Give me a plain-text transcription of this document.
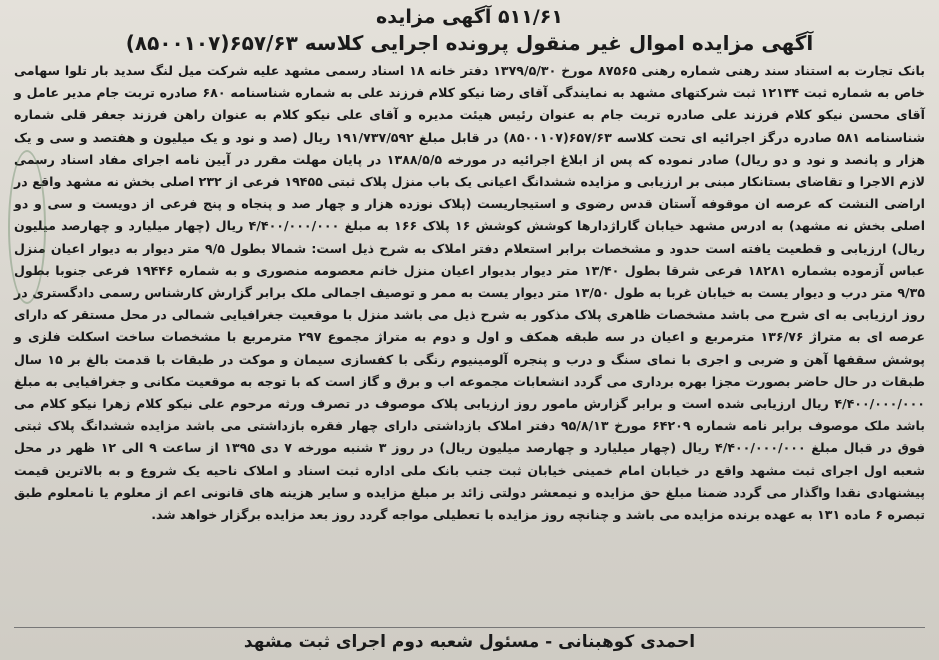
۵۱۱/۶۱ آگهی مزایده
آگهی مزایده اموال غیر منقول پرونده اجرایی کلاسه ۶۵۷/۶۳(۸۵۰۰۱۰۷)

بانک تجارت به استناد سند رهنی شماره رهنی ۸۷۵۶۵ مورخ ۱۳۷۹/۵/۳۰ دفتر خانه ۱۸ اسناد رسمی مشهد علیه شرکت میل لنگ سدید بار تلوا سهامی خاص به شماره ثبت ۱۲۱۳۴ ثبت شرکتهای مشهد به نمایندگی آقای رضا نیکو کلام فرزند علی به شماره شناسنامه ۶۸۰ صادره تربت جام مدیر عامل و آقای محسن نیکو کلام فرزند علی صادره تربت جام به عنوان رئیس هیئت مدیره و آقای علی نیکو کلام به عنوان راهن فرزند جعفر قلی شماره شناسنامه ۵۸۱ صادره درگز اجرائیه ای تحت کلاسه ۶۵۷/۶۳(۸۵۰۰۱۰۷) در قابل مبلغ ۱۹۱/۷۳۷/۵۹۲ ریال (صد و نود و یک میلیون و هفتصد و سی و یک هزار و پانصد و نود و دو ریال) صادر نموده که پس از ابلاغ اجرائیه در مورخه ۱۳۸۸/۵/۵ در پایان مهلت مقرر در آیین نامه اجرای مفاد اسناد رسمی لازم الاجرا و تقاضای بستانکار مبنی بر ارزیابی و مزایده ششدانگ اعیانی یک باب منزل پلاک ثبتی ۱۹۴۵۵ فرعی از ۲۳۲ اصلی بخش نه مشهد واقع در اراضی النشت که عرصه ان موقوفه آستان قدس رضوی و استیجاریست (پلاک نوزده هزار و چهار صد و پنجاه و پنج فرعی از دویست و سی و دو اصلی بخش نه مشهد) به ادرس مشهد خیابان گاراژدارها کوشش کوشش ۱۶ پلاک ۱۶۶ به مبلغ ۴/۴۰۰/۰۰۰/۰۰۰ ریال (چهار میلیارد و چهارصد میلیون ریال) ارزیابی و قطعیت یافته است حدود و مشخصات برابر استعلام دفتر املاک به شرح ذیل است: شمالا بطول ۹/۵ متر دیوار به دیوار اعیان منزل عباس آزموده بشماره ۱۸۲۸۱ فرعی شرقا بطول ۱۳/۴۰ متر دیوار بدیوار اعیان منزل خانم معصومه منصوری و به شماره ۱۹۴۴۶ فرعی جنوبا بطول ۹/۳۵ متر درب و دیوار یست به خیابان غربا به طول ۱۳/۵۰ متر دیوار یست به ممر و توصیف اجمالی ملک برابر گزارش کارشناس رسمی دادگستری در روز ارزیابی به ای شرح می باشد مشخصات ظاهری پلاک مذکور به شرح ذیل می باشد منزل با موقعیت جغرافیایی شمالی در محل مستقر که دارای عرصه ای به متراژ ۱۳۶/۷۶ مترمربع و اعیان در سه طبقه همکف و اول و دوم به متراژ مجموع ۲۹۷ مترمربع با مشخصات ساخت اسکلت فلزی و پوشش سقفها آهن و ضربی و اجری با نمای سنگ و درب و پنجره آلومینیوم رنگی با کفسازی سیمان و موکت در طبقات با قدمت بالغ بر ۱۵ سال طبقات در حال حاضر بصورت مجزا بهره برداری می گردد انشعابات مجموعه اب و برق و گاز است که با توجه به موقعیت مکانی و جغرافیایی به مبلغ ۴/۴۰۰/۰۰۰/۰۰۰ ریال ارزیابی شده است و برابر گزارش مامور روز ارزیابی پلاک موصوف در تصرف ورثه مرحوم علی نیکو کلام زهرا نیکو کلام می باشد ملک موصوف برابر نامه شماره ۶۴۲۰۹ مورخ ۹۵/۸/۱۳ دفتر املاک بازداشتی دارای چهار فقره بازداشتی می باشد مزایده ششدانگ پلاک ثبتی فوق در قبال مبلغ ۴/۴۰۰/۰۰۰/۰۰۰ ریال (چهار میلیارد و چهارصد میلیون ریال) در روز ۳ شنبه مورخه ۷ دی ۱۳۹۵ از ساعت ۹ الی ۱۲ ظهر در محل شعبه اول اجرای ثبت مشهد واقع در خیابان امام خمینی خیابان ثبت جنب بانک ملی اداره ثبت اسناد و املاک ناحیه یک شروع و به بالاترین قیمت پیشنهادی نقدا واگذار می گردد ضمنا مبلغ حق مزایده و نیمعشر دولتی زائد بر مبلغ مزایده و سایر هزینه های قانونی اعم از معلوم یا نامعلوم طبق تبصره ۶ ماده ۱۳۱ به عهده برنده مزایده می باشد و چنانچه روز مزایده با تعطیلی مواجه گردد روز بعد مزایده برگزار خواهد شد.

احمدی کوهبنانی - مسئول شعبه دوم اجرای ثبت مشهد
